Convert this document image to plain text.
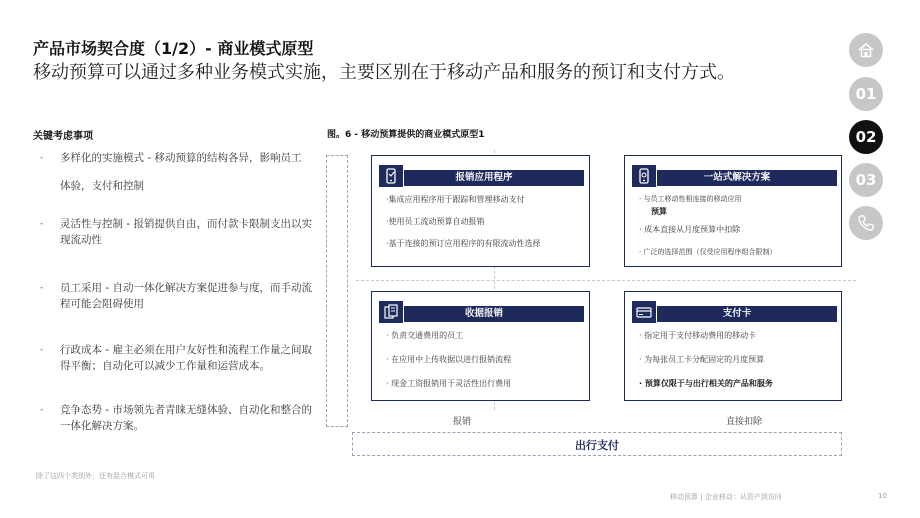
产品市场契合度（1/2）- 商业模式原型
移动预算可以通过多种业务模式实施，主要区别在于移动产品和服务的预订和支付方式。
关键考虑事项
- 多样化的实施模式 - 移动预算的结构各异，影响员工
体验，支付和控制
- 灵活性与控制 - 报销提供自由，而付款卡限制支出以实现流动性
- 员工采用 - 自动一体化解决方案促进参与度，而手动流程可能会阻碍使用
- 行政成本 - 雇主必须在用户友好性和流程工作量之间取得平衡；自动化可以减少工作量和运营成本。
- 竞争态势 - 市场领先者青睐无缝体验、自动化和整合的一体化解决方案。
图。6 - 移动预算提供的商业模式原型1
报销应用程序
·集成应用程序用于跟踪和管理移动支付
·使用员工流动预算自动报销
·基于连接的预订应用程序的有限流动性选择
一站式解决方案
· 与员工移动性相连接的移动应用
预算
· 成本直接从月度预算中扣除
· 广泛的选择范围（仅受应用程序组合限制）
收据报销
· 负责交通费用的员工
· 在应用中上传收据以进行报销流程
· 现金工资报销用于灵活性出行费用
支付卡
· 指定用于支付移动费用的移动卡
· 为每张员工卡分配固定的月度预算
· 预算仅限于与出行相关的产品和服务
报销	直接扣除
出行支付
除了这四个类别外，还有混合模式可用
移动预算 | 企业移动：从资产到访问	10
01
02
03
